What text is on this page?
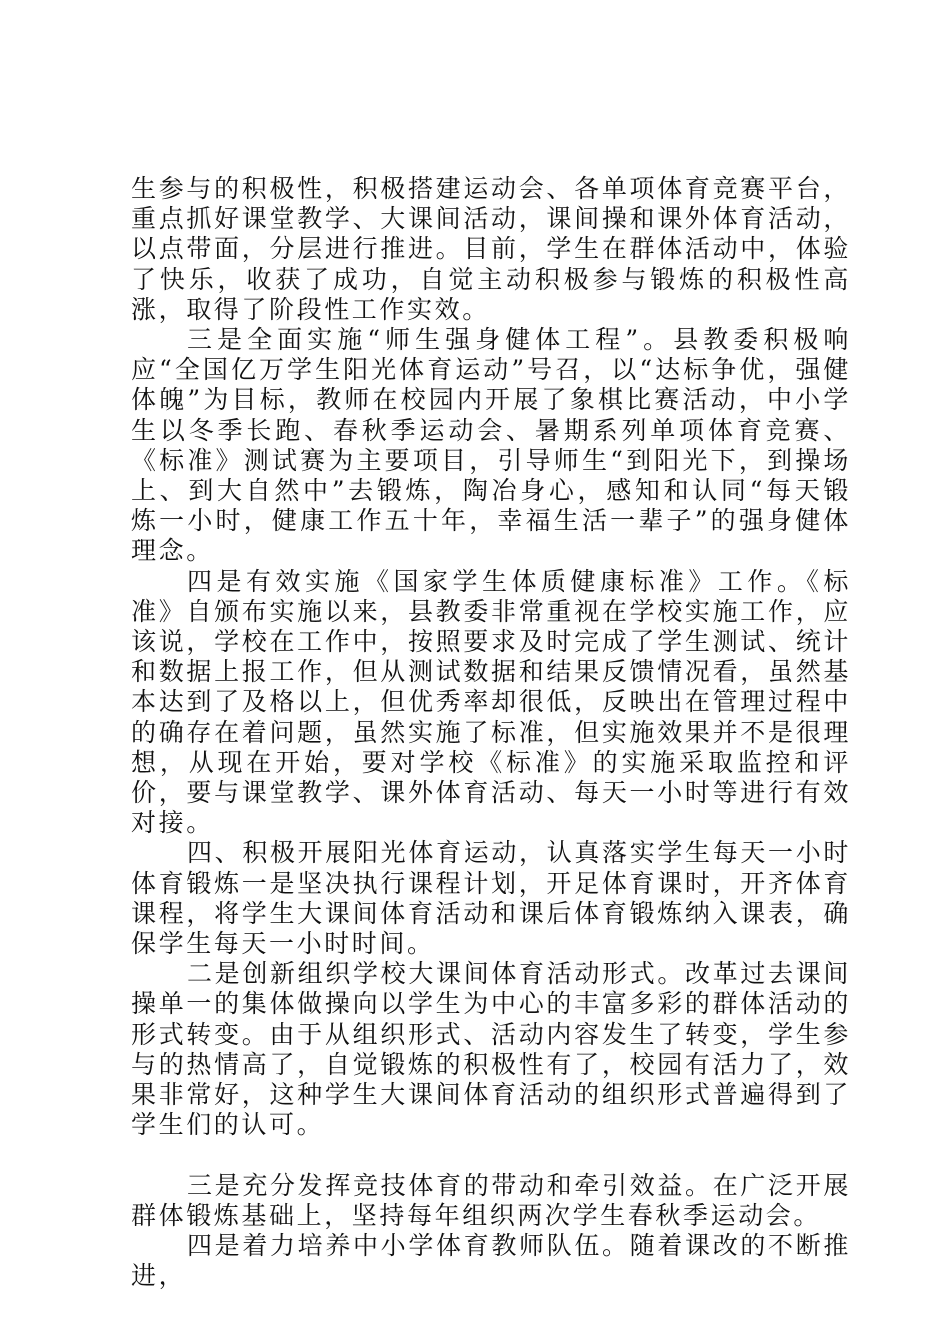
生参与的积极性，积极搭建运动会、各单项体育竞赛平台，重点抓好课堂教学、大课间活动，课间操和课外体育活动，以点带面，分层进行推进。目前，学生在群体活动中，体验了快乐，收获了成功，自觉主动积极参与锻炼的积极性高涨，取得了阶段性工作实效。

三是全面实施“师生强身健体工程”。县教委积极响应“全国亿万学生阳光体育运动”号召，以“达标争优，强健体魄”为目标，教师在校园内开展了象棋比赛活动，中小学生以冬季长跑、春秋季运动会、暑期系列单项体育竞赛、《标准》测试赛为主要项目，引导师生“到阳光下，到操场上、到大自然中”去锻炼，陶冶身心，感知和认同“每天锻炼一小时，健康工作五十年，幸福生活一辈子”的强身健体理念。

四是有效实施《国家学生体质健康标准》工作。《标准》自颁布实施以来，县教委非常重视在学校实施工作，应该说，学校在工作中，按照要求及时完成了学生测试、统计和数据上报工作，但从测试数据和结果反馈情况看，虽然基本达到了及格以上，但优秀率却很低，反映出在管理过程中的确存在着问题，虽然实施了标准，但实施效果并不是很理想，从现在开始，要对学校《标准》的实施采取监控和评价，要与课堂教学、课外体育活动、每天一小时等进行有效对接。

四、积极开展阳光体育运动，认真落实学生每天一小时体育锻炼一是坚决执行课程计划，开足体育课时，开齐体育课程，将学生大课间体育活动和课后体育锻炼纳入课表，确保学生每天一小时时间。

二是创新组织学校大课间体育活动形式。改革过去课间操单一的集体做操向以学生为中心的丰富多彩的群体活动的形式转变。由于从组织形式、活动内容发生了转变，学生参与的热情高了，自觉锻炼的积极性有了，校园有活力了，效果非常好，这种学生大课间体育活动的组织形式普遍得到了学生们的认可。

三是充分发挥竞技体育的带动和牵引效益。在广泛开展群体锻炼基础上，坚持每年组织两次学生春秋季运动会。

四是着力培养中小学体育教师队伍。随着课改的不断推进，
